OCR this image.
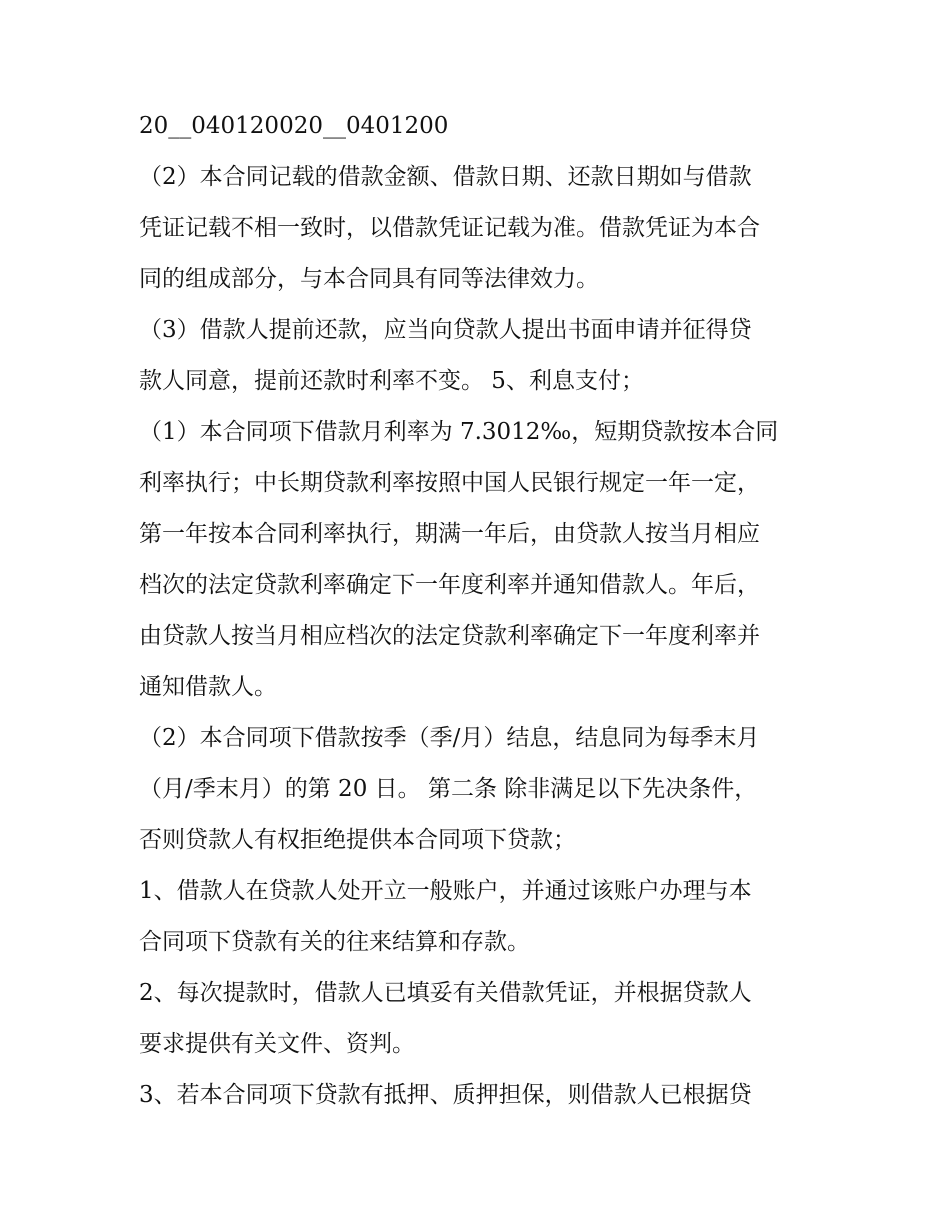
20__040120020__0401200
（2）本合同记载的借款金额、借款日期、还款日期如与借款
凭证记载不相一致时，以借款凭证记载为准。借款凭证为本合
同的组成部分，与本合同具有同等法律效力。
（3）借款人提前还款，应当向贷款人提出书面申请并征得贷
款人同意，提前还款时利率不变。 5、利息支付；
（1）本合同项下借款月利率为 7.3012‰，短期贷款按本合同
利率执行；中长期贷款利率按照中国人民银行规定一年一定，
第一年按本合同利率执行，期满一年后，由贷款人按当月相应
档次的法定贷款利率确定下一年度利率并通知借款人。年后，
由贷款人按当月相应档次的法定贷款利率确定下一年度利率并
通知借款人。
（2）本合同项下借款按季（季/月）结息，结息同为每季末月
（月/季末月）的第 20 日。 第二条 除非满足以下先决条件，
否则贷款人有权拒绝提供本合同项下贷款；
1、借款人在贷款人处开立一般账户，并通过该账户办理与本
合同项下贷款有关的往来结算和存款。
2、每次提款时，借款人已填妥有关借款凭证，并根据贷款人
要求提供有关文件、资判。
3、若本合同项下贷款有抵押、质押担保，则借款人已根据贷
